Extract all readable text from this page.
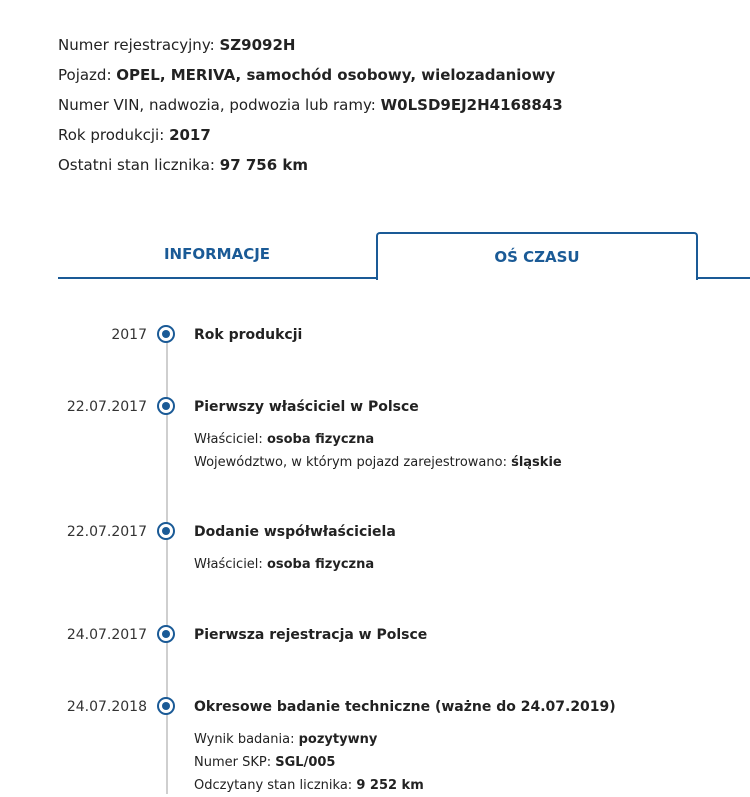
Numer rejestracyjny: SZ9092H
Pojazd: OPEL, MERIVA, samochód osobowy, wielozadaniowy
Numer VIN, nadwozia, podwozia lub ramy: W0LSD9EJ2H4168843
Rok produkcji: 2017
Ostatni stan licznika: 97 756 km
INFORMACJE	OŚ CZASU
2017	Rok produkcji
22.07.2017	Pierwszy właściciel w Polsce
Właściciel: osoba fizyczna
Województwo, w którym pojazd zarejestrowano: śląskie
22.07.2017	Dodanie współwłaściciela
Właściciel: osoba fizyczna
24.07.2017	Pierwsza rejestracja w Polsce
24.07.2018	Okresowe badanie techniczne (ważne do 24.07.2019)
Wynik badania: pozytywny
Numer SKP: SGL/005
Odczytany stan licznika: 9 252 km
